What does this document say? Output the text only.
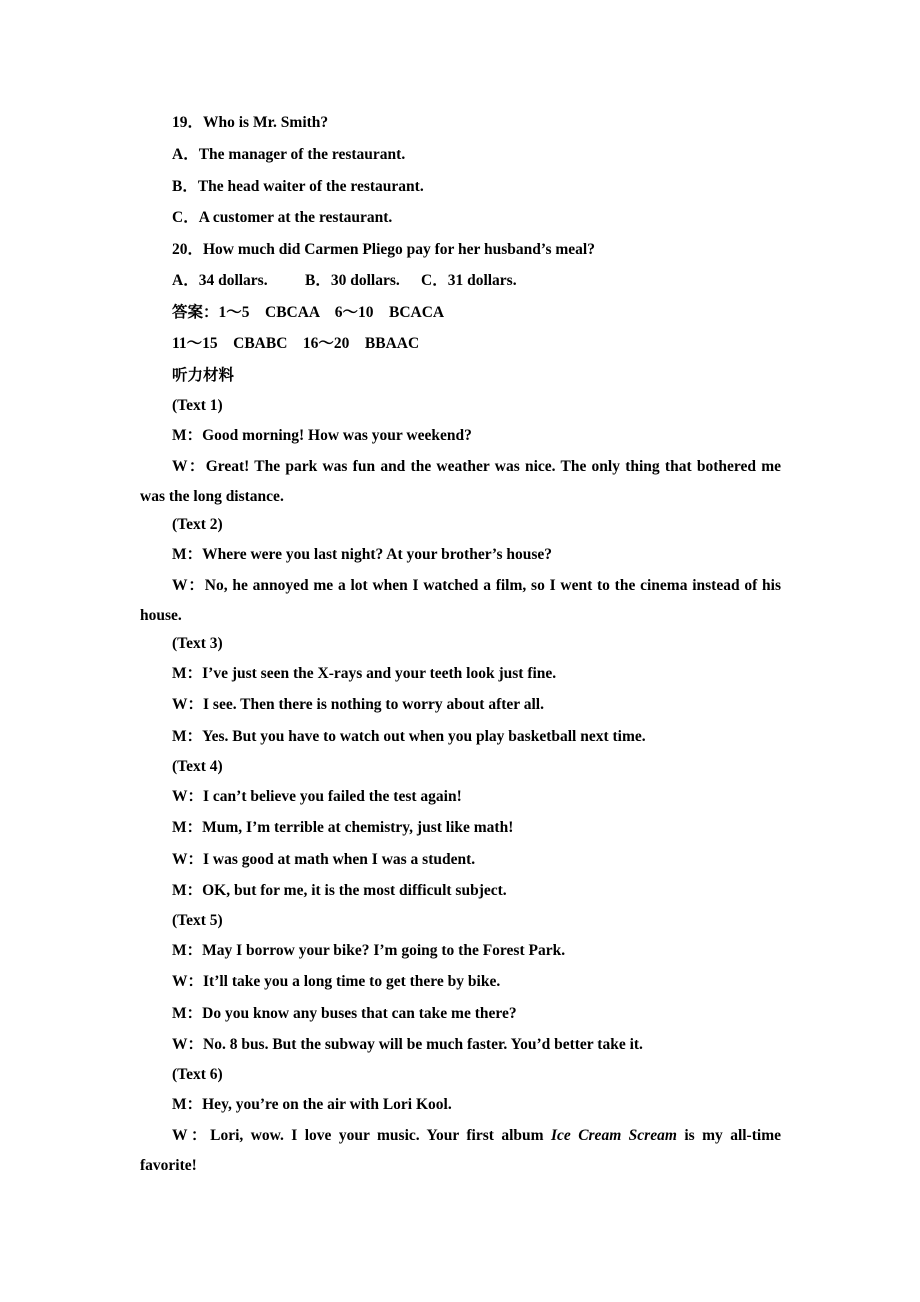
19．Who is Mr. Smith?
A．The manager of the restaurant.
B．The head waiter of the restaurant.
C．A customer at the restaurant.
20．How much did Carmen Pliego pay for her husband’s meal?
A．34 dollars. B．30 dollars. C．31 dollars.
答案：1～5　CBCAA　6～10　BCACA
11～15　CBABC　16～20　BBAAC
听力材料
(Text 1)
M：Good morning! How was your weekend?
W：Great! The park was fun and the weather was nice. The only thing that bothered me was the long distance.
(Text 2)
M：Where were you last night? At your brother’s house?
W：No, he annoyed me a lot when I watched a film, so I went to the cinema instead of his house.
(Text 3)
M：I’ve just seen the X-rays and your teeth look just fine.
W：I see. Then there is nothing to worry about after all.
M：Yes. But you have to watch out when you play basketball next time.
(Text 4)
W：I can’t believe you failed the test again!
M：Mum, I’m terrible at chemistry, just like math!
W：I was good at math when I was a student.
M：OK, but for me, it is the most difficult subject.
(Text 5)
M：May I borrow your bike? I’m going to the Forest Park.
W：It’ll take you a long time to get there by bike.
M：Do you know any buses that can take me there?
W：No. 8 bus. But the subway will be much faster. You’d better take it.
(Text 6)
M：Hey, you’re on the air with Lori Kool.
W：Lori, wow. I love your music. Your first album Ice Cream Scream is my all-time favorite!
